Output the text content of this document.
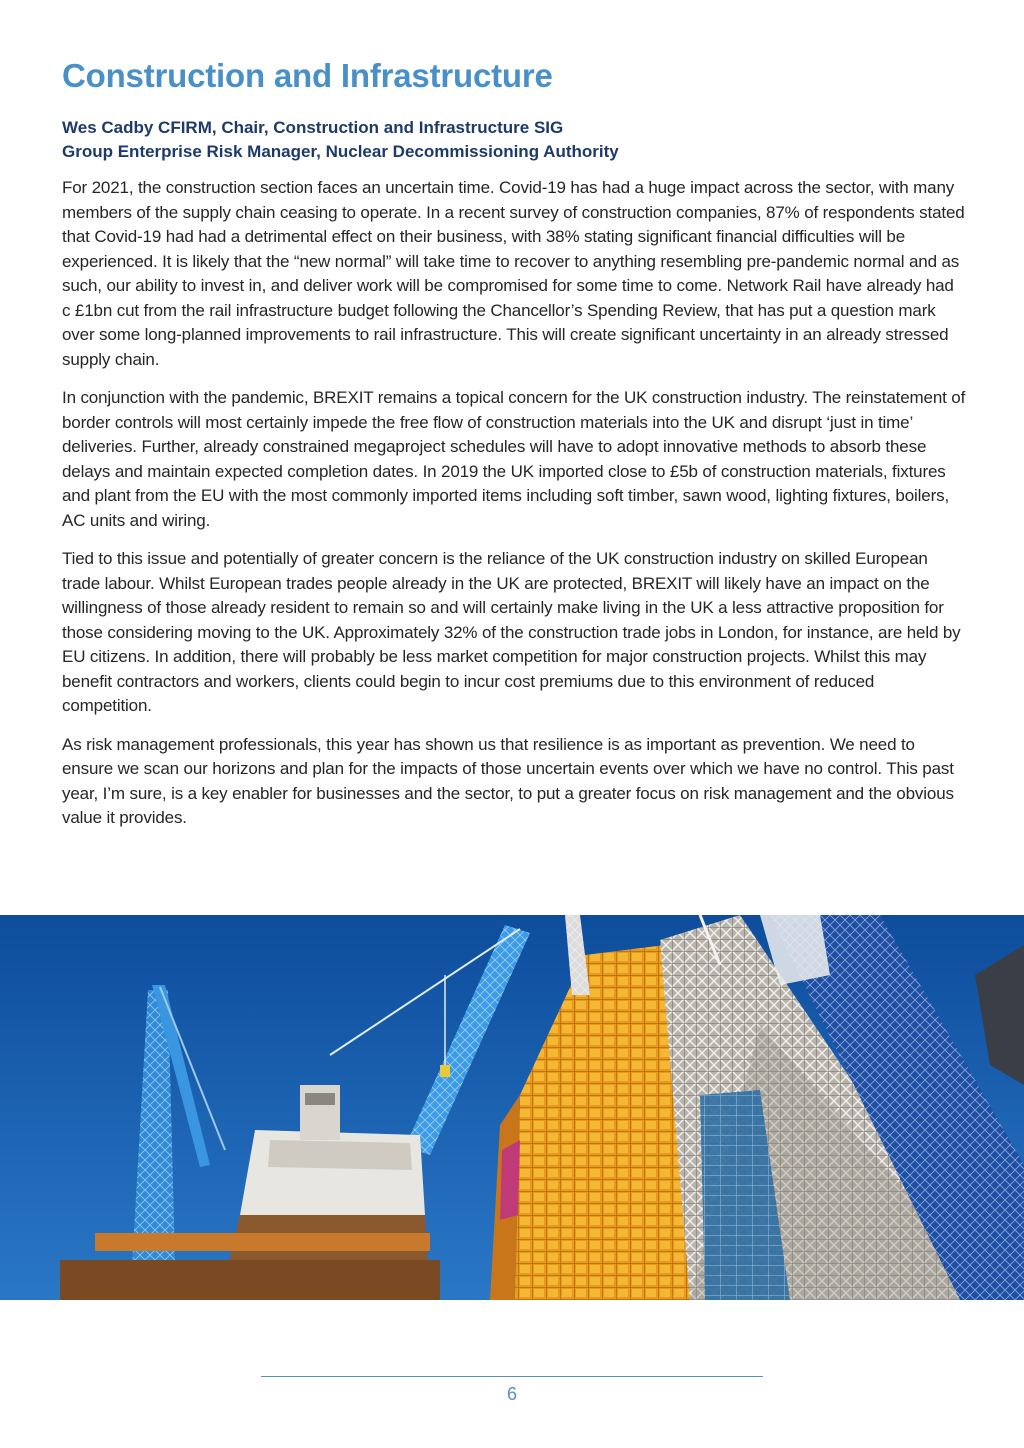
Construction and Infrastructure

Wes Cadby CFIRM, Chair, Construction and Infrastructure SIG
Group Enterprise Risk Manager, Nuclear Decommissioning Authority

For 2021, the construction section faces an uncertain time. Covid-19 has had a huge impact across the sector, with many members of the supply chain ceasing to operate. In a recent survey of construction companies, 87% of respondents stated that Covid-19 had had a detrimental effect on their business, with 38% stating significant financial difficulties will be experienced. It is likely that the “new normal” will take time to recover to anything resembling pre-pandemic normal and as such, our ability to invest in, and deliver work will be compromised for some time to come. Network Rail have already had c £1bn cut from the rail infrastructure budget following the Chancellor’s Spending Review, that has put a question mark over some long-planned improvements to rail infrastructure. This will create significant uncertainty in an already stressed supply chain.

In conjunction with the pandemic, BREXIT remains a topical concern for the UK construction industry. The reinstatement of border controls will most certainly impede the free flow of construction materials into the UK and disrupt ‘just in time’ deliveries. Further, already constrained megaproject schedules will have to adopt innovative methods to absorb these delays and maintain expected completion dates. In 2019 the UK imported close to £5b of construction materials, fixtures and plant from the EU with the most commonly imported items including soft timber, sawn wood, lighting fixtures, boilers, AC units and wiring.

Tied to this issue and potentially of greater concern is the reliance of the UK construction industry on skilled European trade labour. Whilst European trades people already in the UK are protected, BREXIT will likely have an impact on the willingness of those already resident to remain so and will certainly make living in the UK a less attractive proposition for those considering moving to the UK. Approximately 32% of the construction trade jobs in London, for instance, are held by EU citizens. In addition, there will probably be less market competition for major construction projects. Whilst this may benefit contractors and workers, clients could begin to incur cost premiums due to this environment of reduced competition.

As risk management professionals, this year has shown us that resilience is as important as prevention. We need to ensure we scan our horizons and plan for the impacts of those uncertain events over which we have no control. This past year, I’m sure, is a key enabler for businesses and the sector, to put a greater focus on risk management and the obvious value it provides.

6
